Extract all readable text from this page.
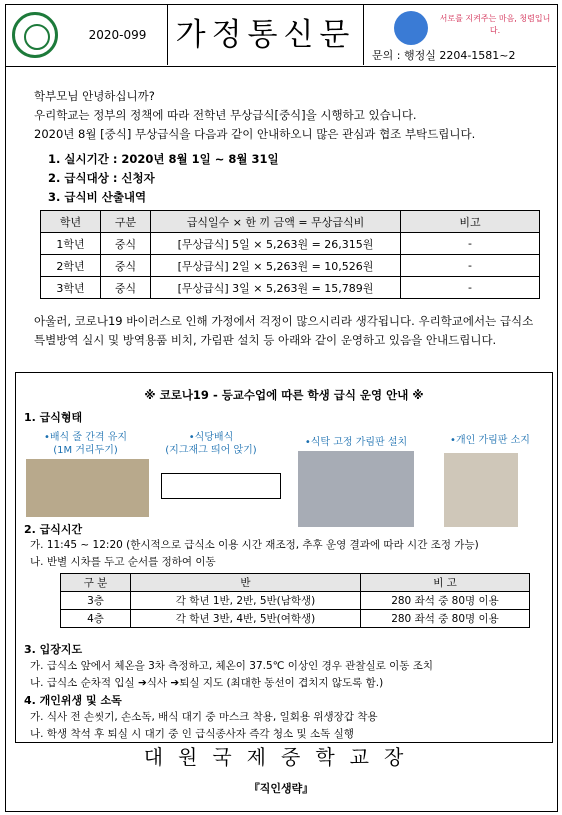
2020-099 가정통신문	서로를 지켜주는 마음, 청렴입니다.
문의 : 행정실 2204-1581~2
학부모님 안녕하십니까?
우리학교는 정부의 정책에 따라 전학년 무상급식[중식]을 시행하고 있습니다.
2020년 8월 [중식] 무상급식을 다음과 같이 안내하오니 많은 관심과 협조 부탁드립니다.
1. 실시기간 : 2020년 8월 1일 ~ 8월 31일
2. 급식대상 : 신청자
3. 급식비 산출내역
학년	구분	급식일수 × 한 끼 금액 = 무상급식비	비고
1학년	중식	[무상급식] 5일 × 5,263원 = 26,315원	-
2학년	중식	[무상급식] 2일 × 5,263원 = 10,526원	-
3학년	중식	[무상급식] 3일 × 5,263원 = 15,789원	-
아울러, 코로나19 바이러스로 인해 가정에서 걱정이 많으시리라 생각됩니다. 우리학교에서는 급식소 특별방역 실시 및 방역용품 비치, 가림판 설치 등 아래와 같이 운영하고 있음을 안내드립니다.
※ 코로나19 - 등교수업에 따른 학생 급식 운영 안내 ※
1. 급식형태
•배식 줄 간격 유지
(1M 거리두기)
•식당배식
(지그재그 띄어 앉기)
•식탁 고정 가림판 설치	•개인 가림판 소지
2. 급식시간
가. 11:45 ~ 12:20 (한시적으로 급식소 이용 시간 재조정, 추후 운영 결과에 따라 시간 조정 가능)
나. 반별 시차를 두고 순서를 정하여 이동
구 분	반	비 고
3층	각 학년 1반, 2반, 5반(남학생)	280 좌석 중 80명 이용
4층	각 학년 3반, 4반, 5반(여학생)	280 좌석 중 80명 이용
3. 입장지도
가. 급식소 앞에서 체온을 3차 측정하고, 체온이 37.5℃ 이상인 경우 관찰실로 이동 조치
나. 급식소 순차적 입실 ➔식사 ➔퇴실 지도 (최대한 동선이 겹치지 않도록 함.)
4. 개인위생 및 소독
가. 식사 전 손씻기, 손소독, 배식 대기 중 마스크 착용, 일회용 위생장갑 착용
나. 학생 착석 후 퇴실 시 대기 중 인 급식종사자 즉각 청소 및 소독 실행
대원국제중학교장
『직인생략』
